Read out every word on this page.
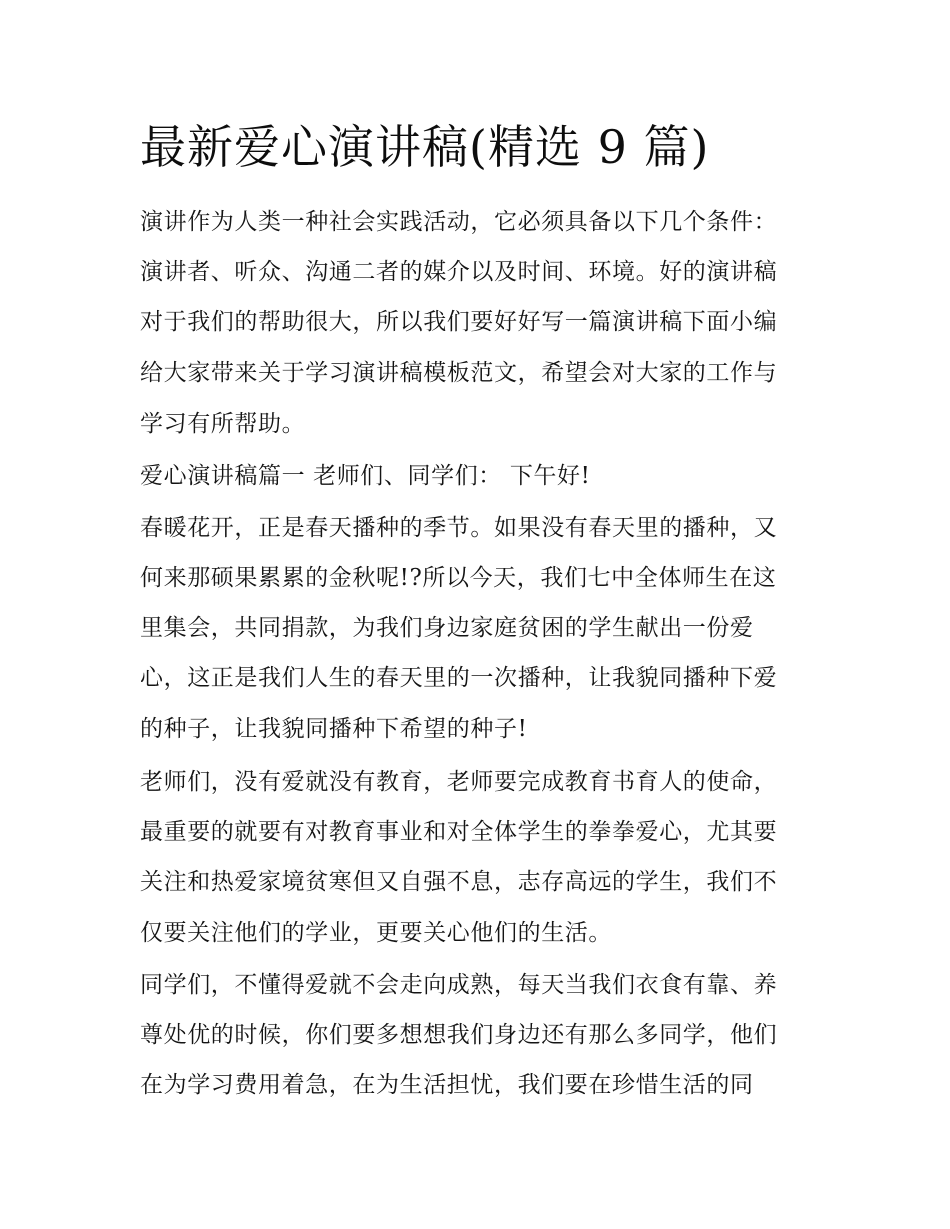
最新爱心演讲稿(精选 9 篇)

演讲作为人类一种社会实践活动，它必须具备以下几个条件：

演讲者、听众、沟通二者的媒介以及时间、环境。好的演讲稿

对于我们的帮助很大，所以我们要好好写一篇演讲稿下面小编

给大家带来关于学习演讲稿模板范文，希望会对大家的工作与

学习有所帮助。

爱心演讲稿篇一 老师们、同学们： 下午好!

春暖花开，正是春天播种的季节。如果没有春天里的播种，又

何来那硕果累累的金秋呢!?所以今天，我们七中全体师生在这

里集会，共同捐款，为我们身边家庭贫困的学生献出一份爱

心，这正是我们人生的春天里的一次播种，让我貌同播种下爱

的种子，让我貌同播种下希望的种子!

老师们，没有爱就没有教育，老师要完成教育书育人的使命，

最重要的就要有对教育事业和对全体学生的拳拳爱心，尤其要

关注和热爱家境贫寒但又自强不息，志存高远的学生，我们不

仅要关注他们的学业，更要关心他们的生活。

同学们，不懂得爱就不会走向成熟，每天当我们衣食有靠、养

尊处优的时候，你们要多想想我们身边还有那么多同学，他们

在为学习费用着急，在为生活担忧，我们要在珍惜生活的同
